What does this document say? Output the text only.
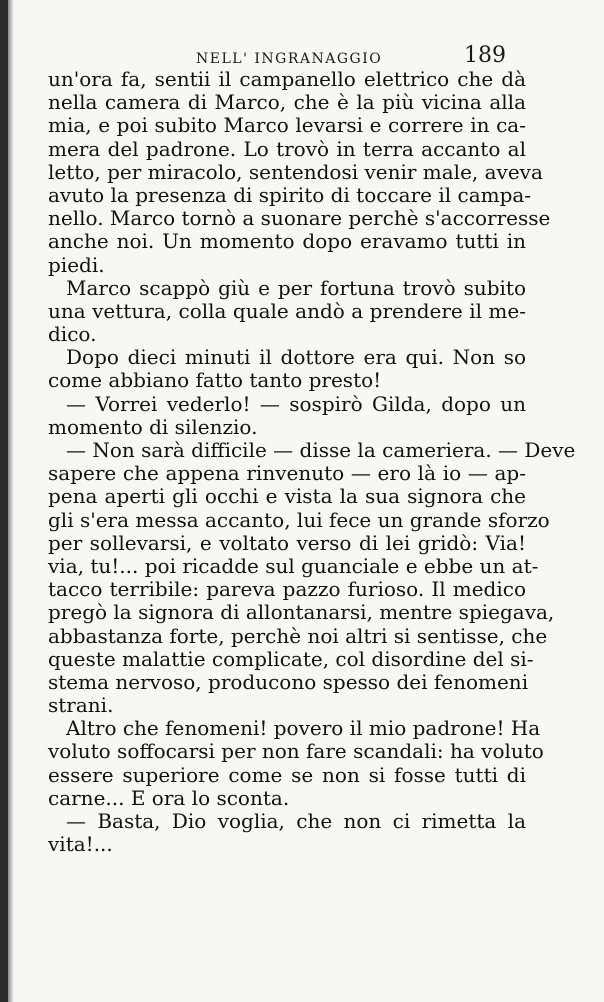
NELL' INGRANAGGIO	189
un'ora fa, sentii il campanello elettrico che dà
nella camera di Marco, che è la più vicina alla
mia, e poi subito Marco levarsi e correre in ca-
mera del padrone. Lo trovò in terra accanto al
letto, per miracolo, sentendosi venir male, aveva
avuto la presenza di spirito di toccare il campa-
nello. Marco tornò a suonare perchè s'accorresse
anche noi. Un momento dopo eravamo tutti in
piedi.
Marco scappò giù e per fortuna trovò subito
una vettura, colla quale andò a prendere il me-
dico.
Dopo dieci minuti il dottore era qui. Non so
come abbiano fatto tanto presto!
— Vorrei vederlo! — sospirò Gilda, dopo un
momento di silenzio.
— Non sarà difficile — disse la cameriera. — Deve
sapere che appena rinvenuto — ero là io — ap-
pena aperti gli occhi e vista la sua signora che
gli s'era messa accanto, lui fece un grande sforzo
per sollevarsi, e voltato verso di lei gridò: Via!
via, tu!... poi ricadde sul guanciale e ebbe un at-
tacco terribile: pareva pazzo furioso. Il medico
pregò la signora di allontanarsi, mentre spiegava,
abbastanza forte, perchè noi altri si sentisse, che
queste malattie complicate, col disordine del si-
stema nervoso, producono spesso dei fenomeni
strani.
Altro che fenomeni! povero il mio padrone! Ha
voluto soffocarsi per non fare scandali: ha voluto
essere superiore come se non si fosse tutti di
carne... E ora lo sconta.
— Basta, Dio voglia, che non ci rimetta la
vita!...
